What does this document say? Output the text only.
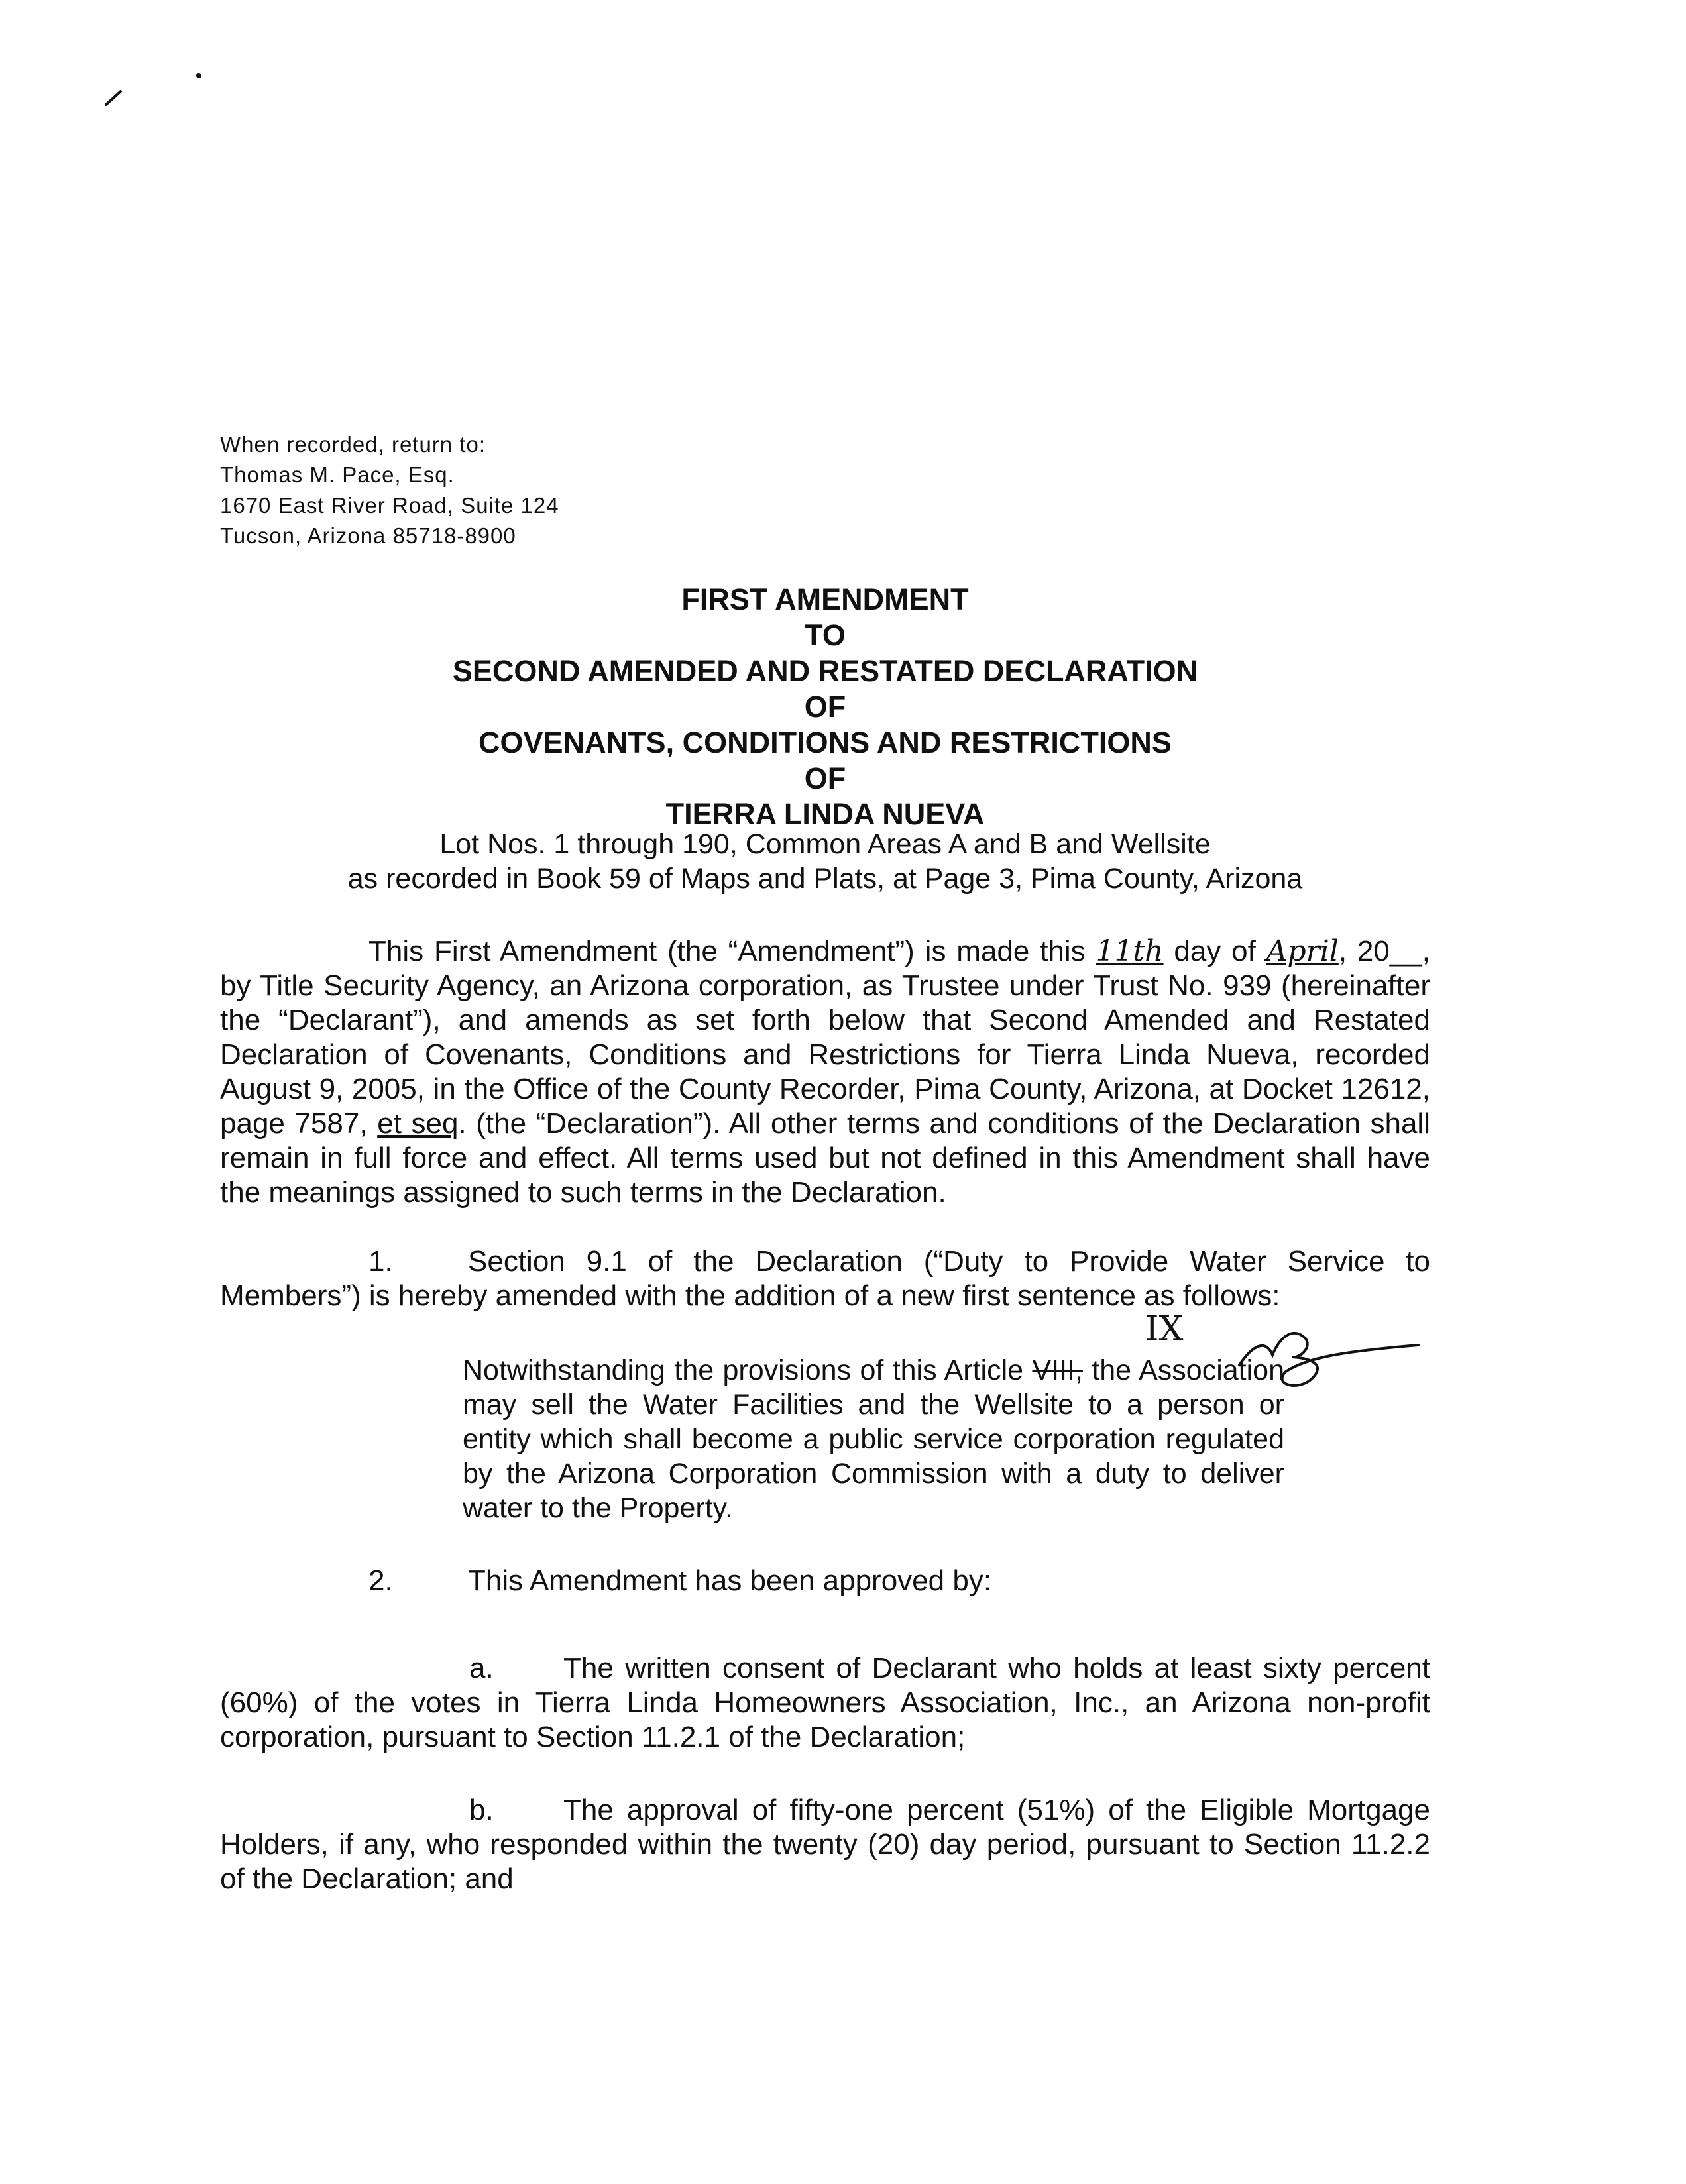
When recorded, return to:
Thomas M. Pace, Esq.
1670 East River Road, Suite 124
Tucson, Arizona 85718-8900
FIRST AMENDMENT
TO
SECOND AMENDED AND RESTATED DECLARATION
OF
COVENANTS, CONDITIONS AND RESTRICTIONS
OF
TIERRA LINDA NUEVA
Lot Nos. 1 through 190, Common Areas A and B and Wellsite
as recorded in Book 59 of Maps and Plats, at Page 3, Pima County, Arizona

This First Amendment (the “Amendment”) is made this 11th day of April, 20__, by Title Security Agency, an Arizona corporation, as Trustee under Trust No. 939 (hereinafter the “Declarant”), and amends as set forth below that Second Amended and Restated Declaration of Covenants, Conditions and Restrictions for Tierra Linda Nueva, recorded August 9, 2005, in the Office of the County Recorder, Pima County, Arizona, at Docket 12612, page 7587, et seq. (the “Declaration”). All other terms and conditions of the Declaration shall remain in full force and effect. All terms used but not defined in this Amendment shall have the meanings assigned to such terms in the Declaration.

1.	Section 9.1 of the Declaration (“Duty to Provide Water Service to Members”) is hereby amended with the addition of a new first sentence as follows:

IX

Notwithstanding the provisions of this Article VIII, the Association may sell the Water Facilities and the Wellsite to a person or entity which shall become a public service corporation regulated by the Arizona Corporation Commission with a duty to deliver water to the Property.

2.	This Amendment has been approved by:

a. The written consent of Declarant who holds at least sixty percent (60%) of the votes in Tierra Linda Homeowners Association, Inc., an Arizona non-profit corporation, pursuant to Section 11.2.1 of the Declaration;

b. The approval of fifty-one percent (51%) of the Eligible Mortgage Holders, if any, who responded within the twenty (20) day period, pursuant to Section 11.2.2 of the Declaration; and
